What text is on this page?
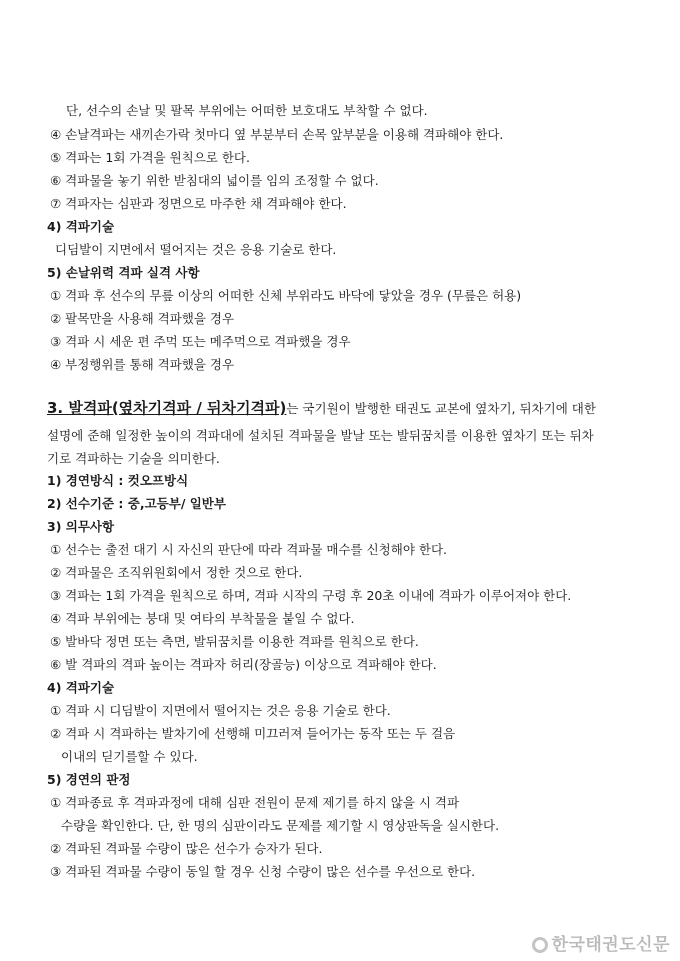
단, 선수의 손날 및 팔목 부위에는 어떠한 보호대도 부착할 수 없다.
④ 손날격파는 새끼손가락 첫마디 옆 부분부터 손목 앞부분을 이용해 격파해야 한다.
⑤ 격파는 1회 가격을 원칙으로 한다.
⑥ 격파물을 놓기 위한 받침대의 넓이를 임의 조정할 수 없다.
⑦ 격파자는 심판과 정면으로 마주한 채 격파해야 한다.
4) 격파기술
디딤발이 지면에서 떨어지는 것은 응용 기술로 한다.
5) 손날위력 격파 실격 사항
① 격파 후 선수의 무릎 이상의 어떠한 신체 부위라도 바닥에 닿았을 경우 (무릎은 허용)
② 팔목만을 사용해 격파했을 경우
③ 격파 시 세운 편 주먹 또는 메주먹으로 격파했을 경우
④ 부정행위를 통해 격파했을 경우
3. 발격파(옆차기격파 / 뒤차기격파)는 국기원이 발행한 태권도 교본에 옆차기, 뒤차기에 대한
설명에 준해 일정한 높이의 격파대에 설치된 격파물을 발날 또는 발뒤꿈치를 이용한 옆차기 또는 뒤차
기로 격파하는 기술을 의미한다.
1) 경연방식 : 컷오프방식
2) 선수기준 : 중,고등부/ 일반부
3) 의무사항
① 선수는 출전 대기 시 자신의 판단에 따라 격파물 매수를 신청해야 한다.
② 격파물은 조직위원회에서 정한 것으로 한다.
③ 격파는 1회 가격을 원칙으로 하며, 격파 시작의 구령 후 20초 이내에 격파가 이루어져야 한다.
④ 격파 부위에는 붕대 및 여타의 부착물을 붙일 수 없다.
⑤ 발바닥 정면 또는 측면, 발뒤꿈치를 이용한 격파를 원칙으로 한다.
⑥ 발 격파의 격파 높이는 격파자 허리(장골능) 이상으로 격파해야 한다.
4) 격파기술
① 격파 시 디딤발이 지면에서 떨어지는 것은 응용 기술로 한다.
② 격파 시 격파하는 발차기에 선행해 미끄러져 들어가는 동작 또는 두 걸음
이내의 딛기를할 수 있다.
5) 경연의 판정
① 격파종료 후 격파과정에 대해 심판 전원이 문제 제기를 하지 않을 시 격파
수량을 확인한다. 단, 한 명의 심판이라도 문제를 제기할 시 영상판독을 실시한다.
② 격파된 격파물 수량이 많은 선수가 승자가 된다.
③ 격파된 격파물 수량이 동일 할 경우 신청 수량이 많은 선수를 우선으로 한다.
한국태권도신문
